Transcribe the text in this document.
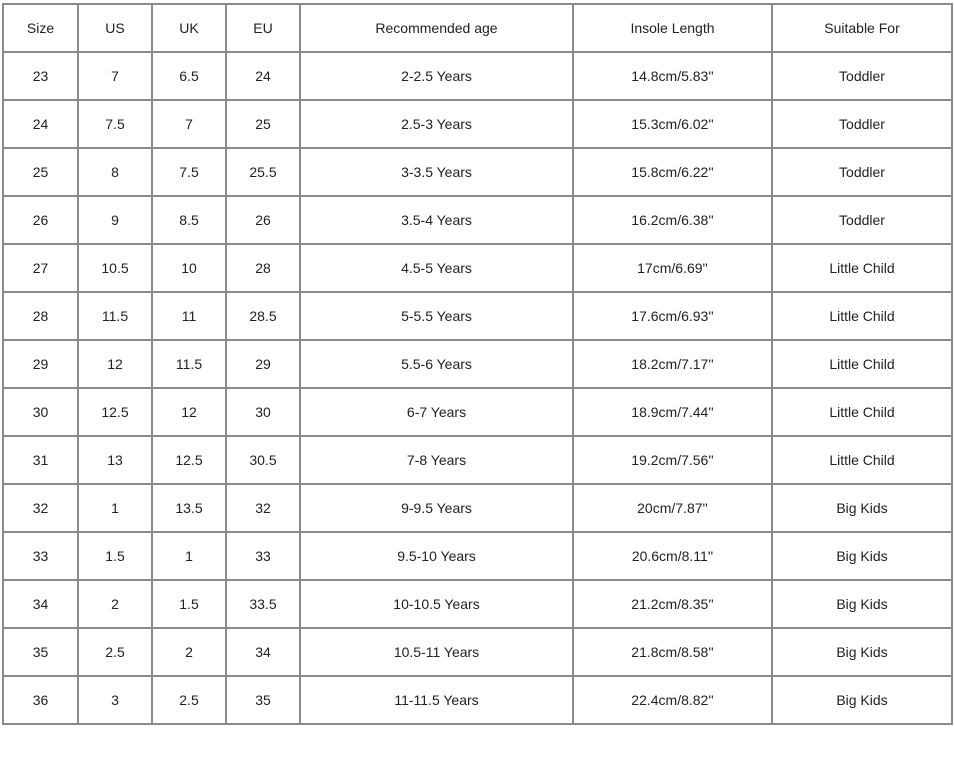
Size	US	UK	EU	Recommended age	Insole Length	Suitable For
23	7	6.5	24	2-2.5 Years	14.8cm/5.83''	Toddler
24	7.5	7	25	2.5-3 Years	15.3cm/6.02''	Toddler
25	8	7.5	25.5	3-3.5 Years	15.8cm/6.22''	Toddler
26	9	8.5	26	3.5-4 Years	16.2cm/6.38''	Toddler
27	10.5	10	28	4.5-5 Years	17cm/6.69''	Little Child
28	11.5	11	28.5	5-5.5 Years	17.6cm/6.93''	Little Child
29	12	11.5	29	5.5-6 Years	18.2cm/7.17''	Little Child
30	12.5	12	30	6-7 Years	18.9cm/7.44''	Little Child
31	13	12.5	30.5	7-8 Years	19.2cm/7.56''	Little Child
32	1	13.5	32	9-9.5 Years	20cm/7.87''	Big Kids
33	1.5	1	33	9.5-10 Years	20.6cm/8.11''	Big Kids
34	2	1.5	33.5	10-10.5 Years	21.2cm/8.35''	Big Kids
35	2.5	2	34	10.5-11 Years	21.8cm/8.58''	Big Kids
36	3	2.5	35	11-11.5 Years	22.4cm/8.82''	Big Kids
